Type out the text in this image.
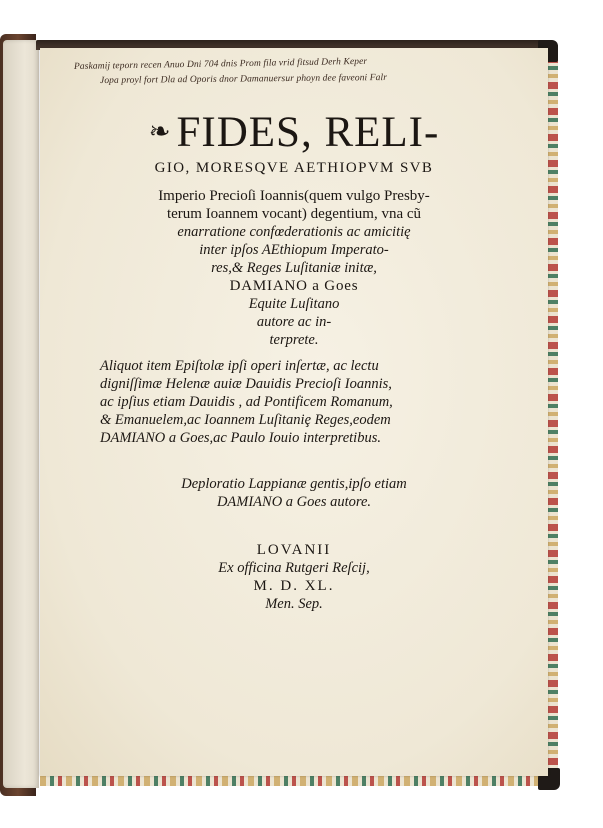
Paskamij teporn recen Anuo Dni 704 dnis Prom fila vrid fitsud Derh Keper
Jopa proyl fort Dla ad Oporis dnor Damanuersur phoyn dee faveoni Falr
❧ FIDES, RELI-
GIO, MORESQVE AETHIOPVM SVB
Imperio Precioſi Ioannis(quem vulgo Presby-
terum Ioannem vocant) degentium, vna cũ
enarratione confœderationis ac amicitię
inter ipſos AEthiopum Imperato-
res,& Reges Luſitaniæ initæ,
DAMIANO a Goes
Equite Luſitano
autore ac in-
terprete.
Aliquot item Epiſtolæ ipſi operi inſertæ, ac lectu
digniſſimæ Helenæ auiæ Dauidis Precioſi Ioannis,
ac ipſius etiam Dauidis , ad Pontificem Romanum,
& Emanuelem,ac Ioannem Luſitaniȩ Reges,eodem
DAMIANO a Goes,ac Paulo Iouio interpretibus.
Deploratio Lappianæ gentis,ipſo etiam
DAMIANO a Goes autore.
LOVANII
Ex officina Rutgeri Reſcij,
M. D. XL.
Men. Sep.
